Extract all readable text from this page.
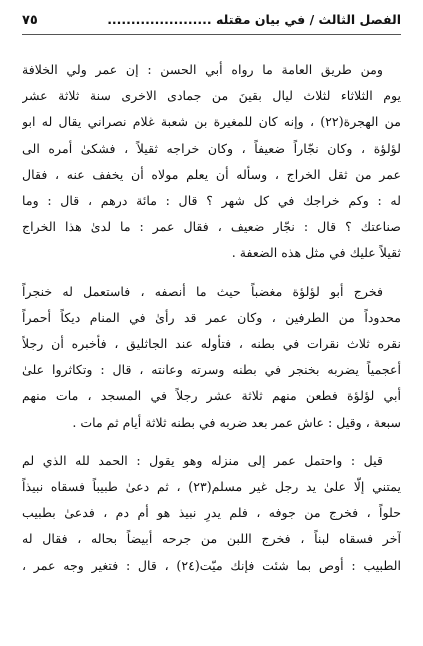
الفصل الثالث / في بيان مقتله ......................
٧٥

ومن طريق العامة ما رواه أبي الحسن : إن عمر ولي الخلافة
يوم الثلاثاء لثلاث ليال بقينَ من جمادى الاخرى سنة ثلاثة عشر
من الهجرة(٢٢) ، وإنه كان للمغيرة بن شعبة غلام نصراني يقال له ابو
لؤلؤة ، وكان نجّاراً ضعيفاً ، وكان خراجه ثقيلاً ، فشكىٰ أمره الى
عمر من ثقل الخراج ، وسأله أن يعلم مولاه أن يخفف عنه ، فقال
له : وكم خراجك في كل شهر ؟ قال : مائة درهم ، قال : وما
صناعتك ؟ قال : نجّار ضعيف ، فقال عمر : ما لدىٰ هذا الخراج
ثقيلاً عليك في مثل هذه الضعفة .

فخرج أبو لؤلؤة مغضباً حيث ما أنصفه ، فاستعمل له خنجراً
محدوداً من الطرفين ، وكان عمر قد رأىٰ في المنام ديكاً أحمراً
نقره ثلاث نقرات في بطنه ، فتأوله عند الجاثليق ، فأخبره أن رجلاً
أعجمياً يضربه بخنجر في بطنه وسرته وعانته ، قال : وتكاثروا علىٰ
أبي لؤلؤة فطعن منهم ثلاثة عشر رجلاً في المسجد ، مات منهم
سبعة ، وقيل : عاش عمر بعد ضربه في بطنه ثلاثة أيام ثم مات .

قيل : واحتمل عمر إلى منزله وهو يقول : الحمد لله الذي لم
يمتني إلّا علىٰ يد رجل غير مسلم(٢٣) ، ثم دعىٰ طبيباً فسقاه نبيذاً
حلواً ، فخرج من جوفه ، فلم يدرِ نبيذ هو أم دم ، فدعىٰ بطبيب
آخر فسقاه لبناً ، فخرج اللبن من جرحه أبيضاً بحاله ، فقال له
الطبيب : أوص بما شئت فإنك ميّت(٢٤) ، قال : فتغير وجه عمر ،
